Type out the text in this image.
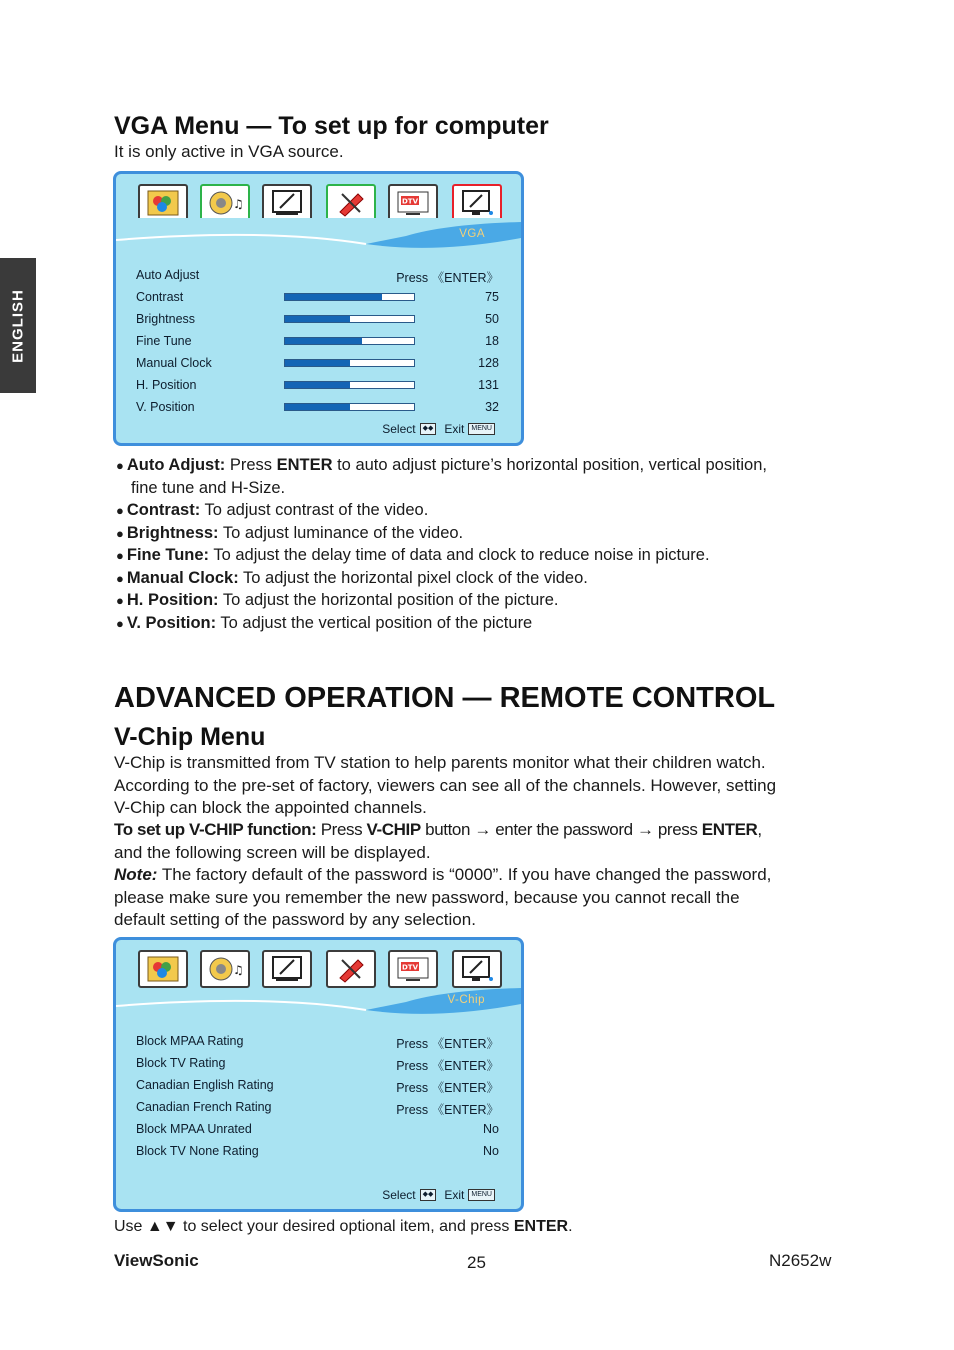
ENGLISH
VGA Menu — To set up for computer

It is only active in VGA source.

♫	DTV
VGA
Auto Adjust	Press 《ENTER》
Contrast	75
Brightness	50
Fine Tune	18
Manual Clock	128
H. Position	131
V. Position	32
Select	◆◆ Exit	MENU

● Auto Adjust: Press ENTER to auto adjust picture’s horizontal position, vertical position,

fine tune and H-Size.

● Contrast: To adjust contrast of the video.

● Brightness: To adjust luminance of the video.

● Fine Tune: To adjust the delay time of data and clock to reduce noise in picture.

● Manual Clock: To adjust the horizontal pixel clock of the video.

● H. Position: To adjust the horizontal position of the picture.

● V. Position: To adjust the vertical position of the picture

ADVANCED OPERATION — REMOTE CONTROL
V-Chip Menu

V-Chip is transmitted from TV station to help parents monitor what their children watch.

According to the pre-set of factory, viewers can see all of the channels. However, setting

V-Chip can block the appointed channels.

To set up V-CHIP function: Press V-CHIP button → enter the password → press ENTER,

and the following screen will be displayed.

Note: The factory default of the password is “0000”. If you have changed the password,

please make sure you remember the new password, because you cannot recall the

default setting of the password by any selection.

♫	DTV
V-Chip
Block MPAA Rating	Press 《ENTER》
Block TV Rating	Press 《ENTER》
Canadian English Rating	Press 《ENTER》
Canadian French Rating	Press 《ENTER》
Block MPAA Unrated	No
Block TV None Rating	No
Select	◆◆ Exit	MENU

Use ▲▼ to select your desired optional item, and press ENTER.

ViewSonic	25	N2652w
